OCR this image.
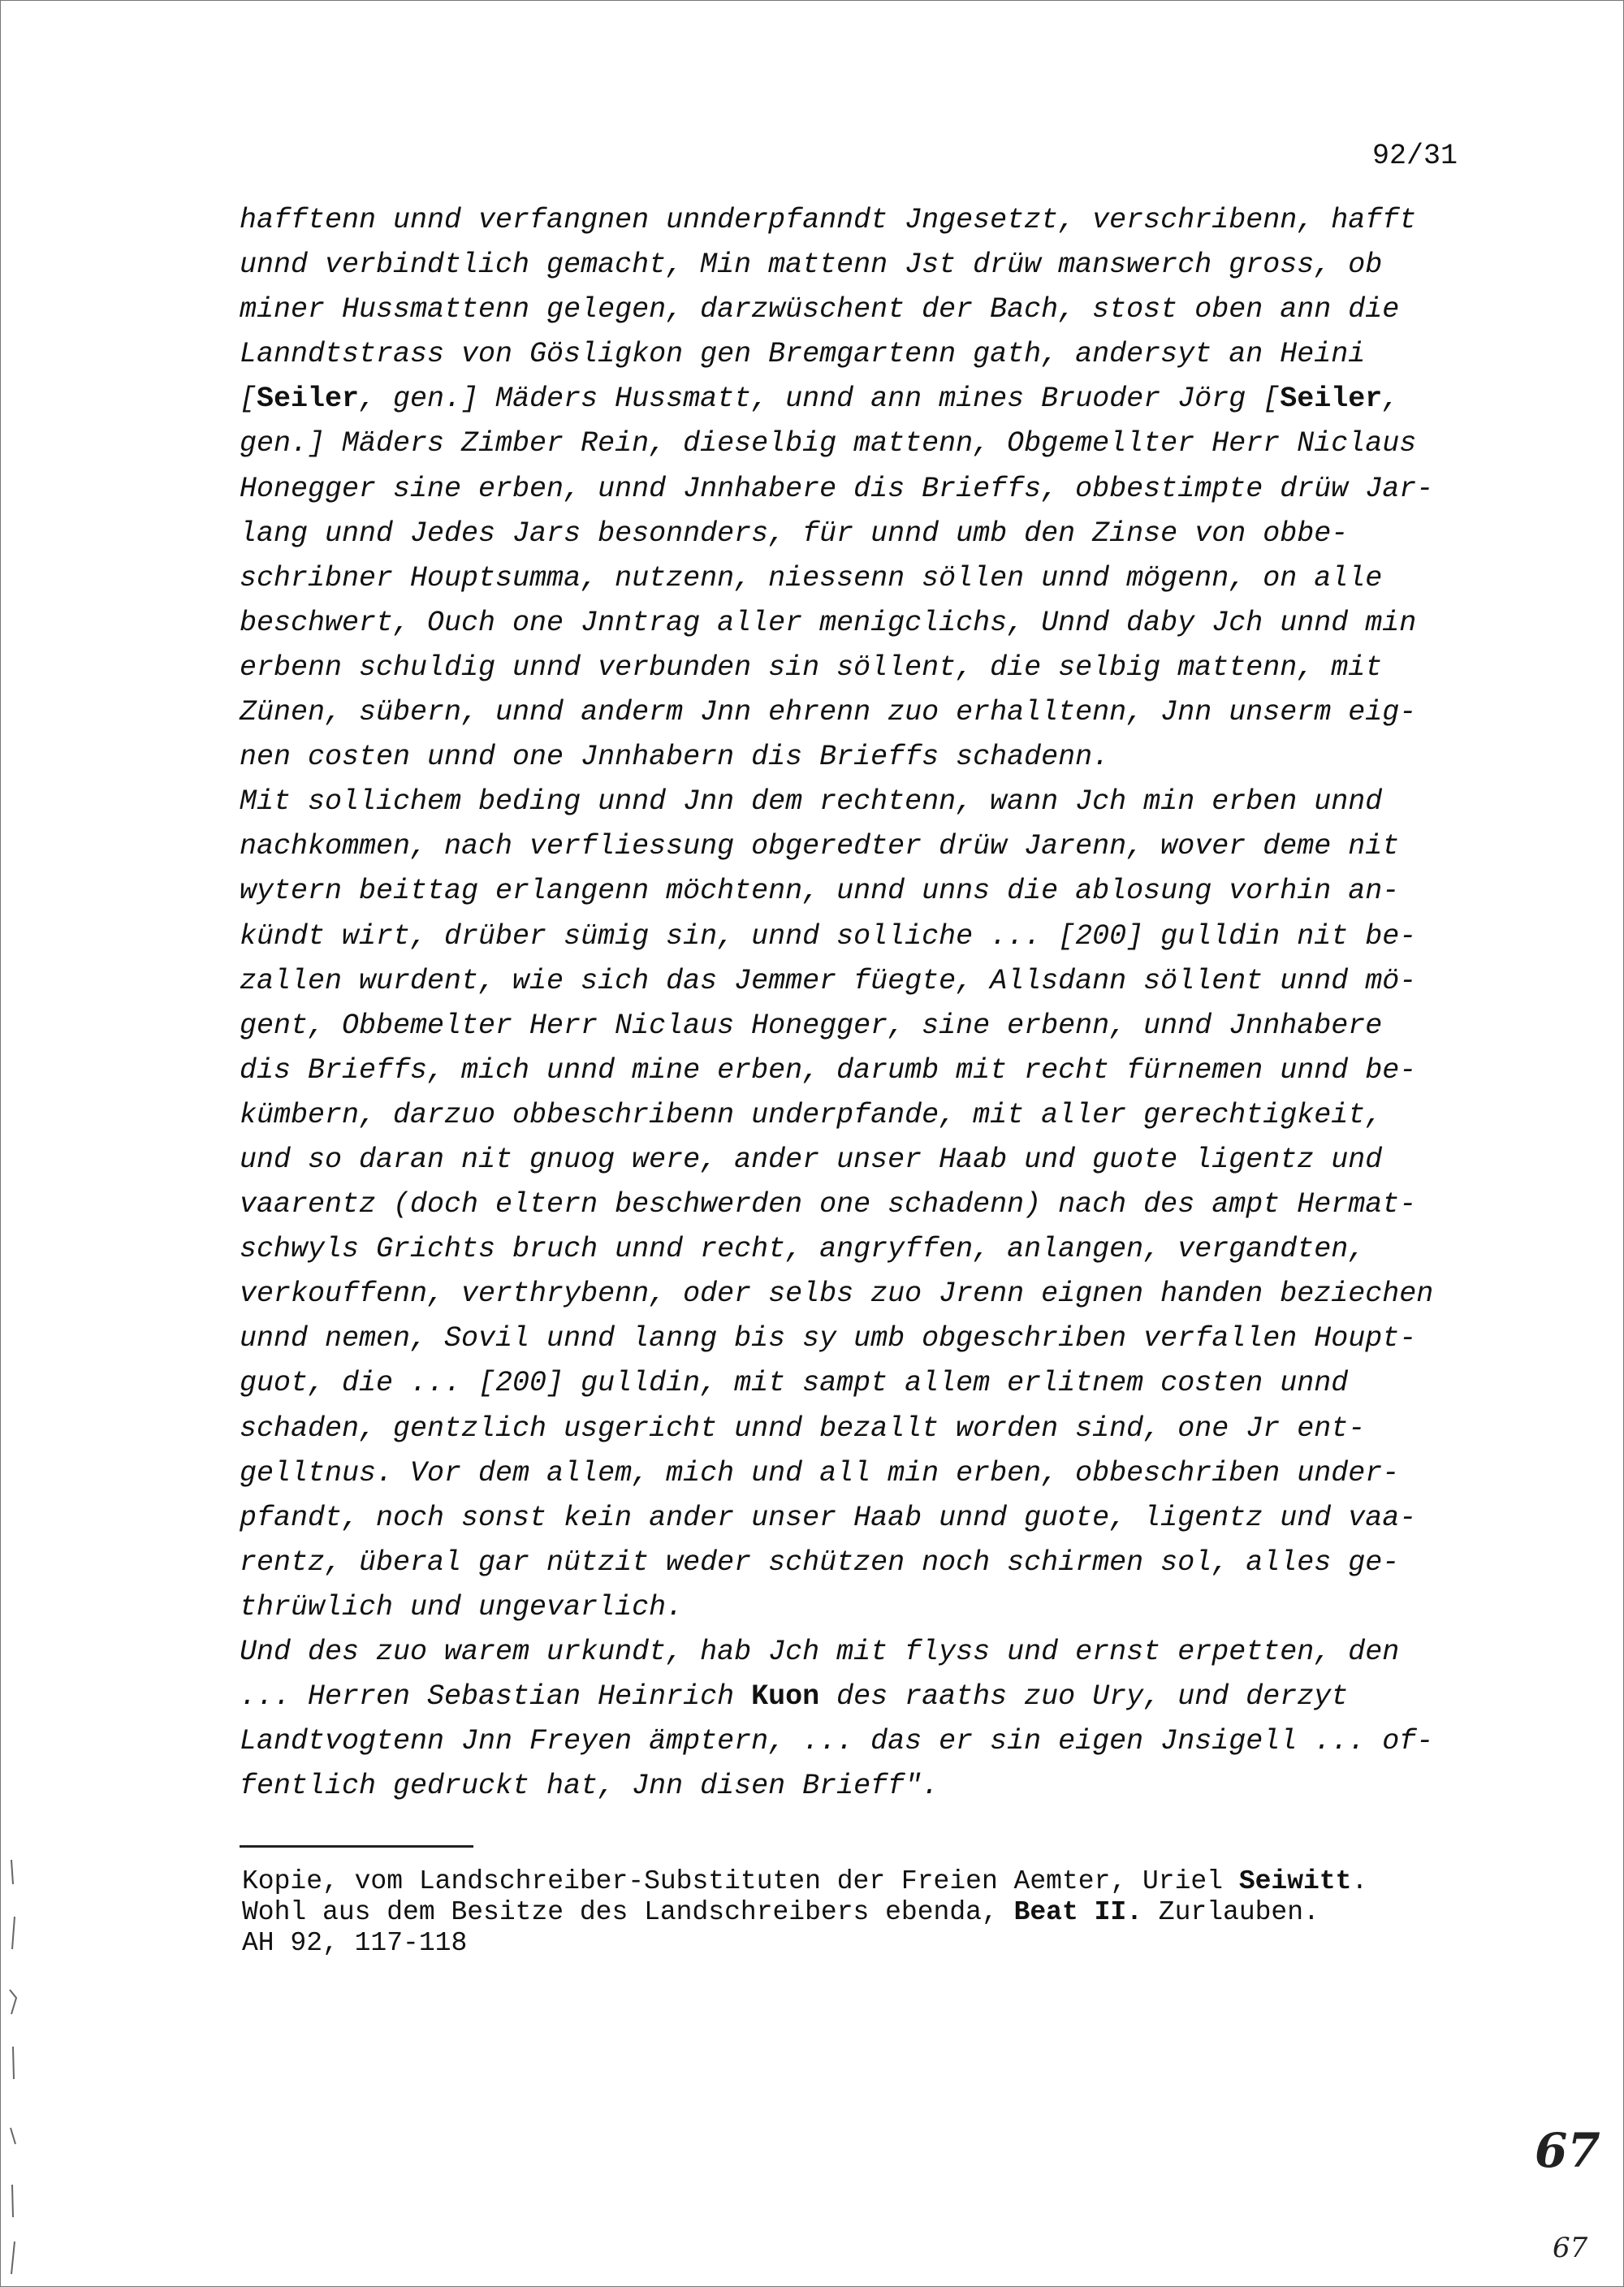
92/31
hafftenn unnd verfangnen unnderpfanndt Jngesetzt, verschribenn, hafft
unnd verbindtlich gemacht, Min mattenn Jst drüw manswerch gross, ob
miner Hussmattenn gelegen, darzwüschent der Bach, stost oben ann die
Lanndtstrass von Gösligkon gen Bremgartenn gath, andersyt an Heini
[Seiler, gen.] Mäders Hussmatt, unnd ann mines Bruoder Jörg [Seiler,
gen.] Mäders Zimber Rein, dieselbig mattenn, Obgemellter Herr Niclaus
Honegger sine erben, unnd Jnnhabere dis Brieffs, obbestimpte drüw Jar-
lang unnd Jedes Jars besonnders, für unnd umb den Zinse von obbe-
schribner Houptsumma, nutzenn, niessenn söllen unnd mögenn, on alle
beschwert, Ouch one Jnntrag aller menigclichs, Unnd daby Jch unnd min
erbenn schuldig unnd verbunden sin söllent, die selbig mattenn, mit
Zünen, sübern, unnd anderm Jnn ehrenn zuo erhalltenn, Jnn unserm eig-
nen costen unnd one Jnnhabern dis Brieffs schadenn.
Mit sollichem beding unnd Jnn dem rechtenn, wann Jch min erben unnd
nachkommen, nach verfliessung obgeredter drüw Jarenn, wover deme nit
wytern beittag erlangenn möchtenn, unnd unns die ablosung vorhin an-
kündt wirt, drüber sümig sin, unnd solliche ... [200] gulldin nit be-
zallen wurdent, wie sich das Jemmer füegte, Allsdann söllent unnd mö-
gent, Obbemelter Herr Niclaus Honegger, sine erbenn, unnd Jnnhabere
dis Brieffs, mich unnd mine erben, darumb mit recht fürnemen unnd be-
kümbern, darzuo obbeschribenn underpfande, mit aller gerechtigkeit,
und so daran nit gnuog were, ander unser Haab und guote ligentz und
vaarentz (doch eltern beschwerden one schadenn) nach des ampt Hermat-
schwyls Grichts bruch unnd recht, angryffen, anlangen, vergandten,
verkouffenn, verthrybenn, oder selbs zuo Jrenn eignen handen beziechen
unnd nemen, Sovil unnd lanng bis sy umb obgeschriben verfallen Houpt-
guot, die ... [200] gulldin, mit sampt allem erlitnem costen unnd
schaden, gentzlich usgericht unnd bezallt worden sind, one Jr ent-
gelltnus. Vor dem allem, mich und all min erben, obbeschriben under-
pfandt, noch sonst kein ander unser Haab unnd guote, ligentz und vaa-
rentz, überal gar nützit weder schützen noch schirmen sol, alles ge-
thrüwlich und ungevarlich.
Und des zuo warem urkundt, hab Jch mit flyss und ernst erpetten, den
... Herren Sebastian Heinrich Kuon des raaths zuo Ury, und derzyt
Landtvogtenn Jnn Freyen ämptern, ... das er sin eigen Jnsigell ... of-
fentlich gedruckt hat, Jnn disen Brieff".
Kopie, vom Landschreiber-Substituten der Freien Aemter, Uriel Seiwitt.
Wohl aus dem Besitze des Landschreibers ebenda, Beat II. Zurlauben.
AH 92, 117-118
67
67
